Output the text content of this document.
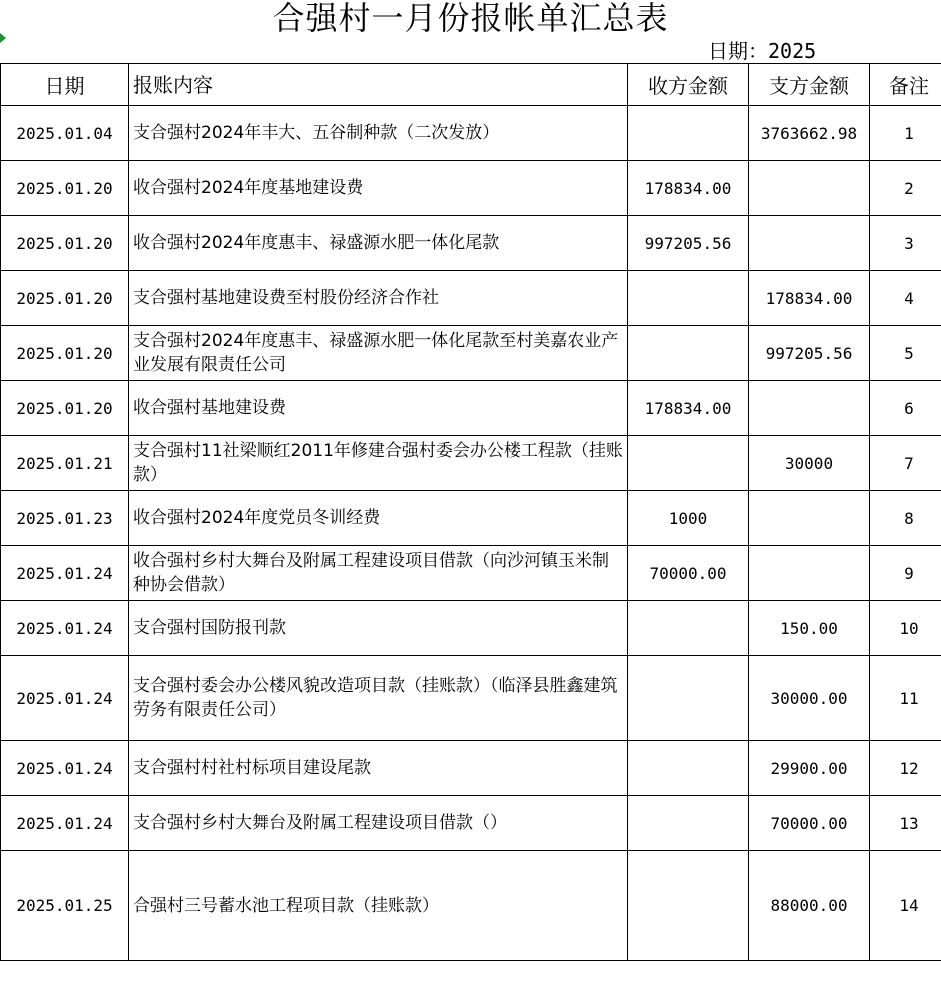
合强村一月份报帐单汇总表
日期：2025
日期	报账内容	收方金额	支方金额	备注
2025.01.04	支合强村2024年丰大、五谷制种款（二次发放）		3763662.98	1
2025.01.20	收合强村2024年度基地建设费	178834.00		2
2025.01.20	收合强村2024年度惠丰、禄盛源水肥一体化尾款	997205.56		3
2025.01.20	支合强村基地建设费至村股份经济合作社		178834.00	4
2025.01.20	支合强村2024年度惠丰、禄盛源水肥一体化尾款至村美嘉农业产业发展有限责任公司		997205.56	5
2025.01.20	收合强村基地建设费	178834.00		6
2025.01.21	支合强村11社梁顺红2011年修建合强村委会办公楼工程款（挂账款）		30000	7
2025.01.23	收合强村2024年度党员冬训经费	1000		8
2025.01.24	收合强村乡村大舞台及附属工程建设项目借款（向沙河镇玉米制种协会借款）	70000.00		9
2025.01.24	支合强村国防报刊款		150.00	10
2025.01.24	支合强村委会办公楼风貌改造项目款（挂账款）（临泽县胜鑫建筑劳务有限责任公司）		30000.00	11
2025.01.24	支合强村村社村标项目建设尾款		29900.00	12
2025.01.24	支合强村乡村大舞台及附属工程建设项目借款（）		70000.00	13
2025.01.25	合强村三号蓄水池工程项目款（挂账款）		88000.00	14
